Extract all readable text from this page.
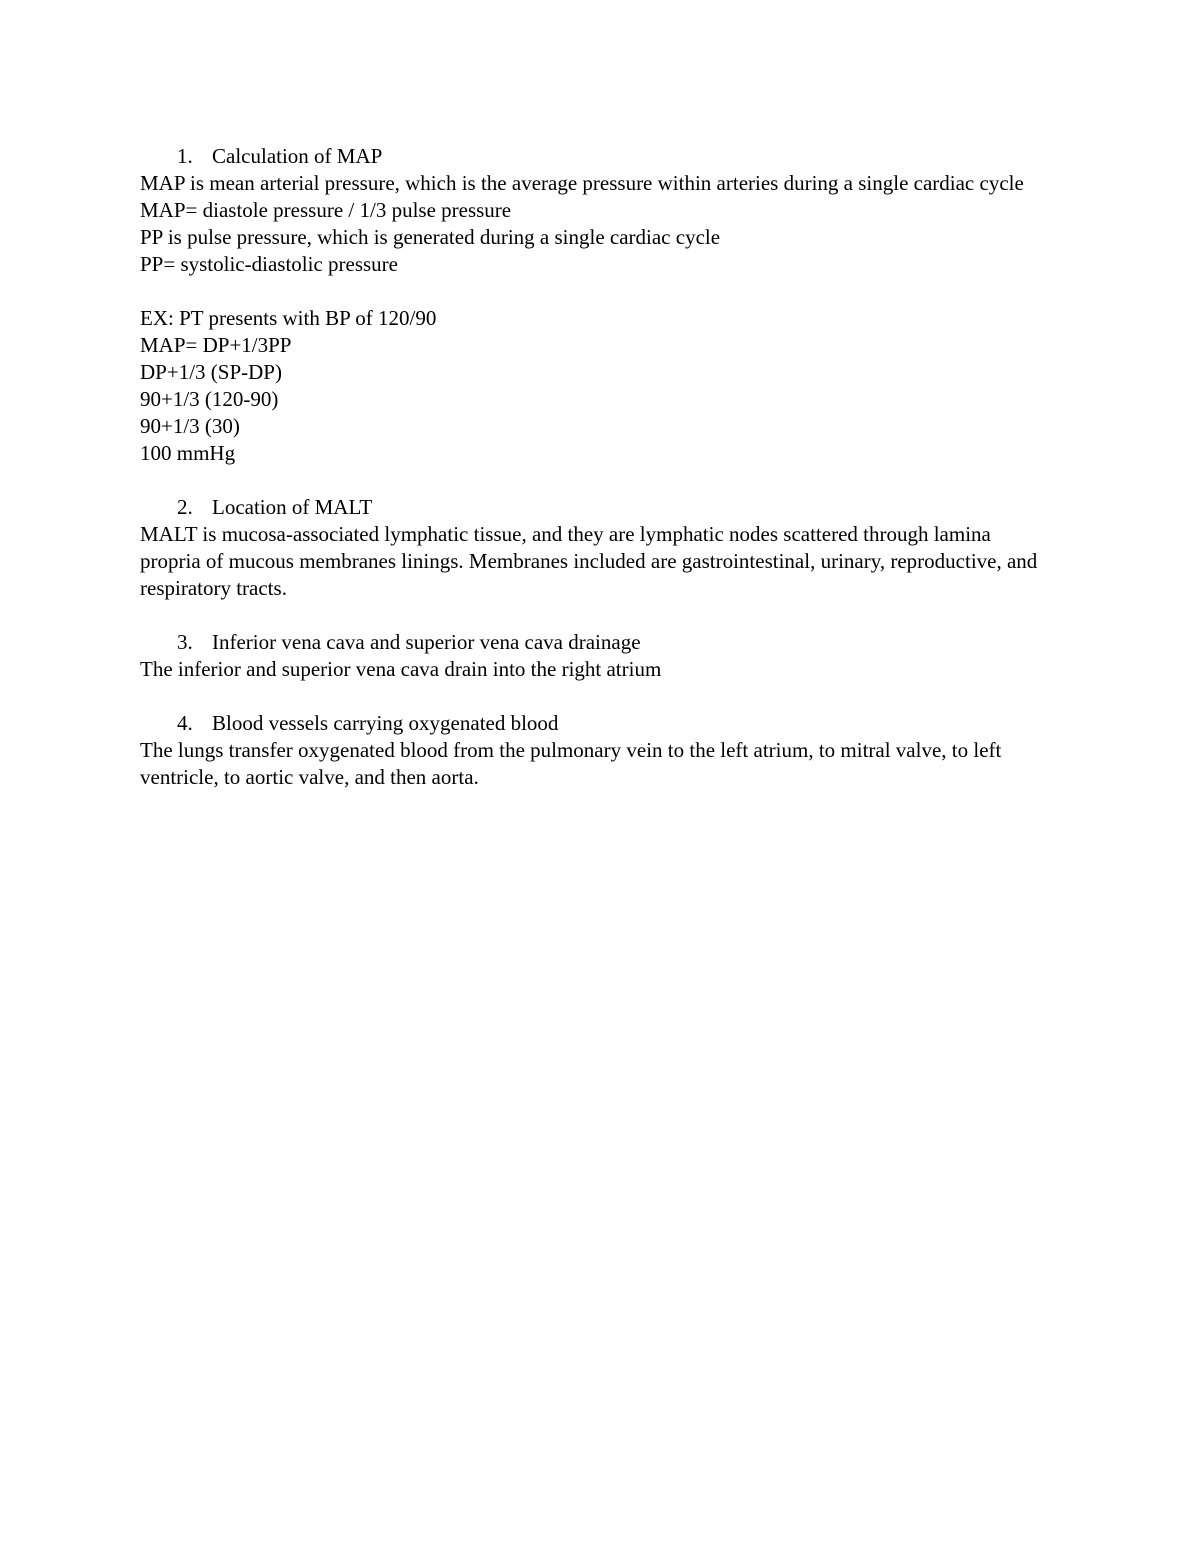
1. Calculation of MAP
MAP is mean arterial pressure, which is the average pressure within arteries during a single cardiac cycle
MAP= diastole pressure / 1/3 pulse pressure
PP is pulse pressure, which is generated during a single cardiac cycle
PP= systolic-diastolic pressure
EX: PT presents with BP of 120/90
MAP= DP+1/3PP
DP+1/3 (SP-DP)
90+1/3 (120-90)
90+1/3 (30)
100 mmHg
2. Location of MALT
MALT is mucosa-associated lymphatic tissue, and they are lymphatic nodes scattered through lamina propria of mucous membranes linings. Membranes included are gastrointestinal, urinary, reproductive, and respiratory tracts.
3. Inferior vena cava and superior vena cava drainage
The inferior and superior vena cava drain into the right atrium
4. Blood vessels carrying oxygenated blood
The lungs transfer oxygenated blood from the pulmonary vein to the left atrium, to mitral valve, to left ventricle, to aortic valve, and then aorta.
